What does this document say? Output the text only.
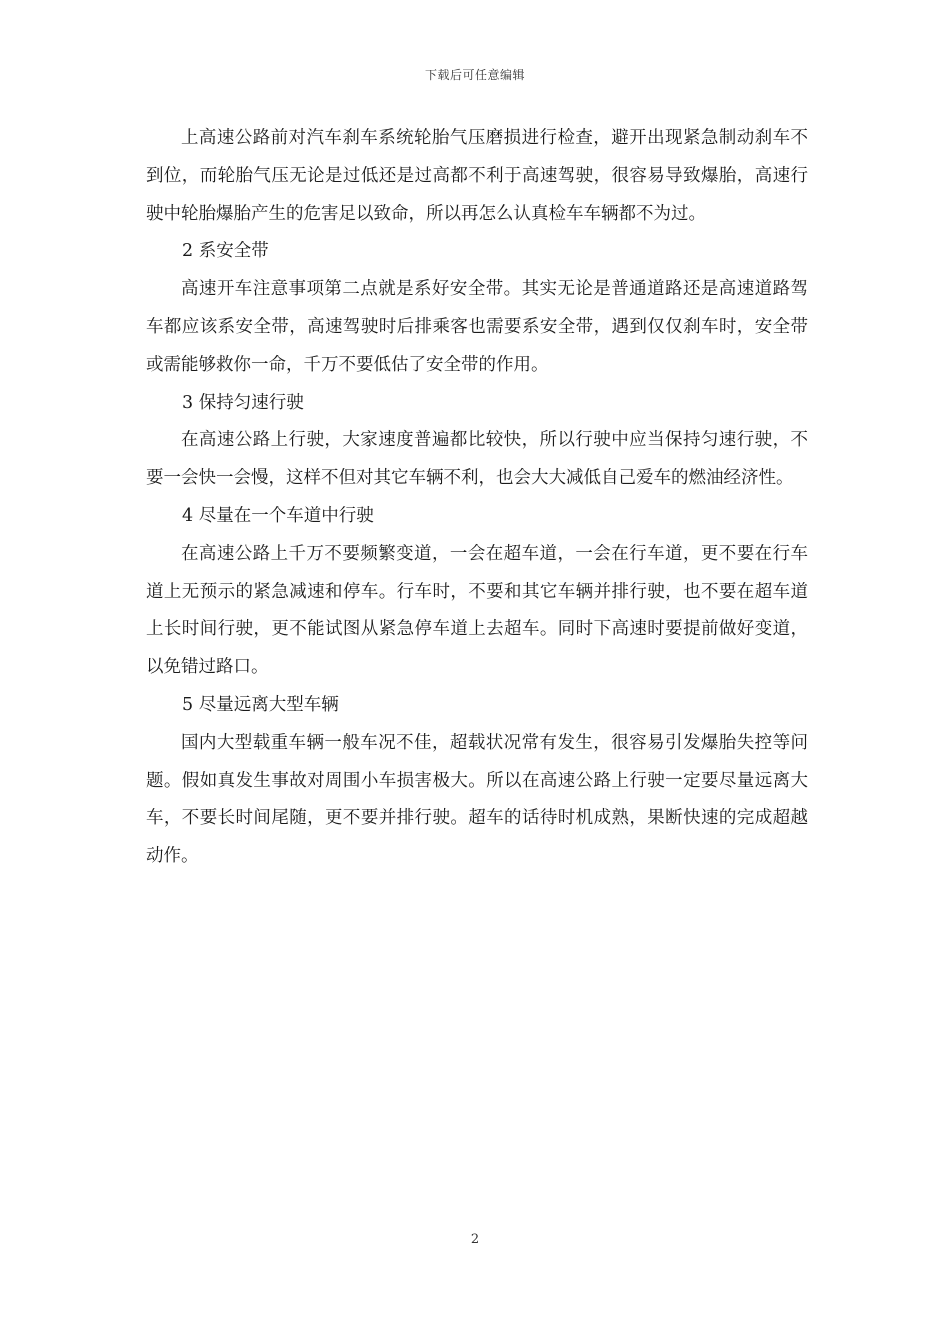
下载后可任意编辑

上高速公路前对汽车刹车系统轮胎气压磨损进行检查，避开出现紧急制动刹车不到位，而轮胎气压无论是过低还是过高都不利于高速驾驶，很容易导致爆胎，高速行驶中轮胎爆胎产生的危害足以致命，所以再怎么认真检车车辆都不为过。

2 系安全带

高速开车注意事项第二点就是系好安全带。其实无论是普通道路还是高速道路驾车都应该系安全带，高速驾驶时后排乘客也需要系安全带，遇到仅仅刹车时，安全带或需能够救你一命，千万不要低估了安全带的作用。

3 保持匀速行驶

在高速公路上行驶，大家速度普遍都比较快，所以行驶中应当保持匀速行驶，不要一会快一会慢，这样不但对其它车辆不利，也会大大减低自己爱车的燃油经济性。

4 尽量在一个车道中行驶

在高速公路上千万不要频繁变道，一会在超车道，一会在行车道，更不要在行车道上无预示的紧急减速和停车。行车时，不要和其它车辆并排行驶，也不要在超车道上长时间行驶，更不能试图从紧急停车道上去超车。同时下高速时要提前做好变道，以免错过路口。

5 尽量远离大型车辆

国内大型载重车辆一般车况不佳，超载状况常有发生，很容易引发爆胎失控等问题。假如真发生事故对周围小车损害极大。所以在高速公路上行驶一定要尽量远离大车，不要长时间尾随，更不要并排行驶。超车的话待时机成熟，果断快速的完成超越动作。

2
